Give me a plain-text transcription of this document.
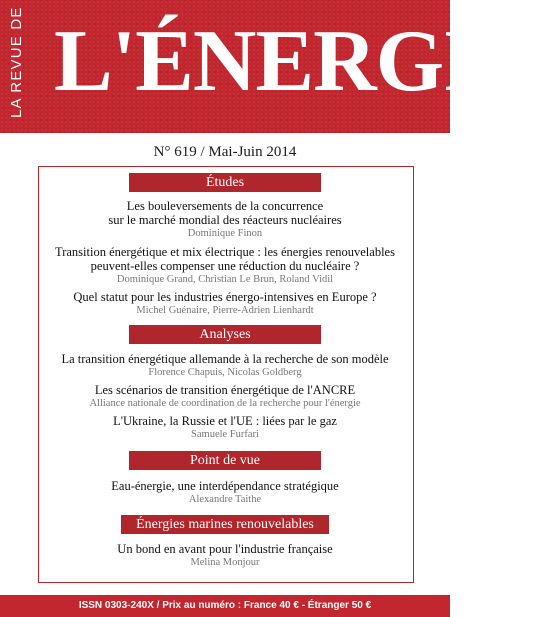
LA REVUE DE L'ÉNERGIE
N° 619 / Mai-Juin 2014
Études
Les bouleversements de la concurrence
sur le marché mondial des réacteurs nucléaires
Dominique Finon
Transition énergétique et mix électrique : les énergies renouvelables
peuvent-elles compenser une réduction du nucléaire ?
Dominique Grand, Christian Le Brun, Roland Vidil
Quel statut pour les industries énergo-intensives en Europe ?
Michel Guénaire, Pierre-Adrien Lienhardt
Analyses
La transition énergétique allemande à la recherche de son modèle
Florence Chapuis, Nicolas Goldberg
Les scénarios de transition énergétique de l'ANCRE
Alliance nationale de coordination de la recherche pour l'énergie
L'Ukraine, la Russie et l'UE : liées par le gaz
Samuele Furfari
Point de vue
Eau-énergie, une interdépendance stratégique
Alexandre Taithe
Énergies marines renouvelables
Un bond en avant pour l'industrie française
Melina Monjour
ISSN 0303-240X / Prix au numéro : France 40 € - Étranger 50 €
